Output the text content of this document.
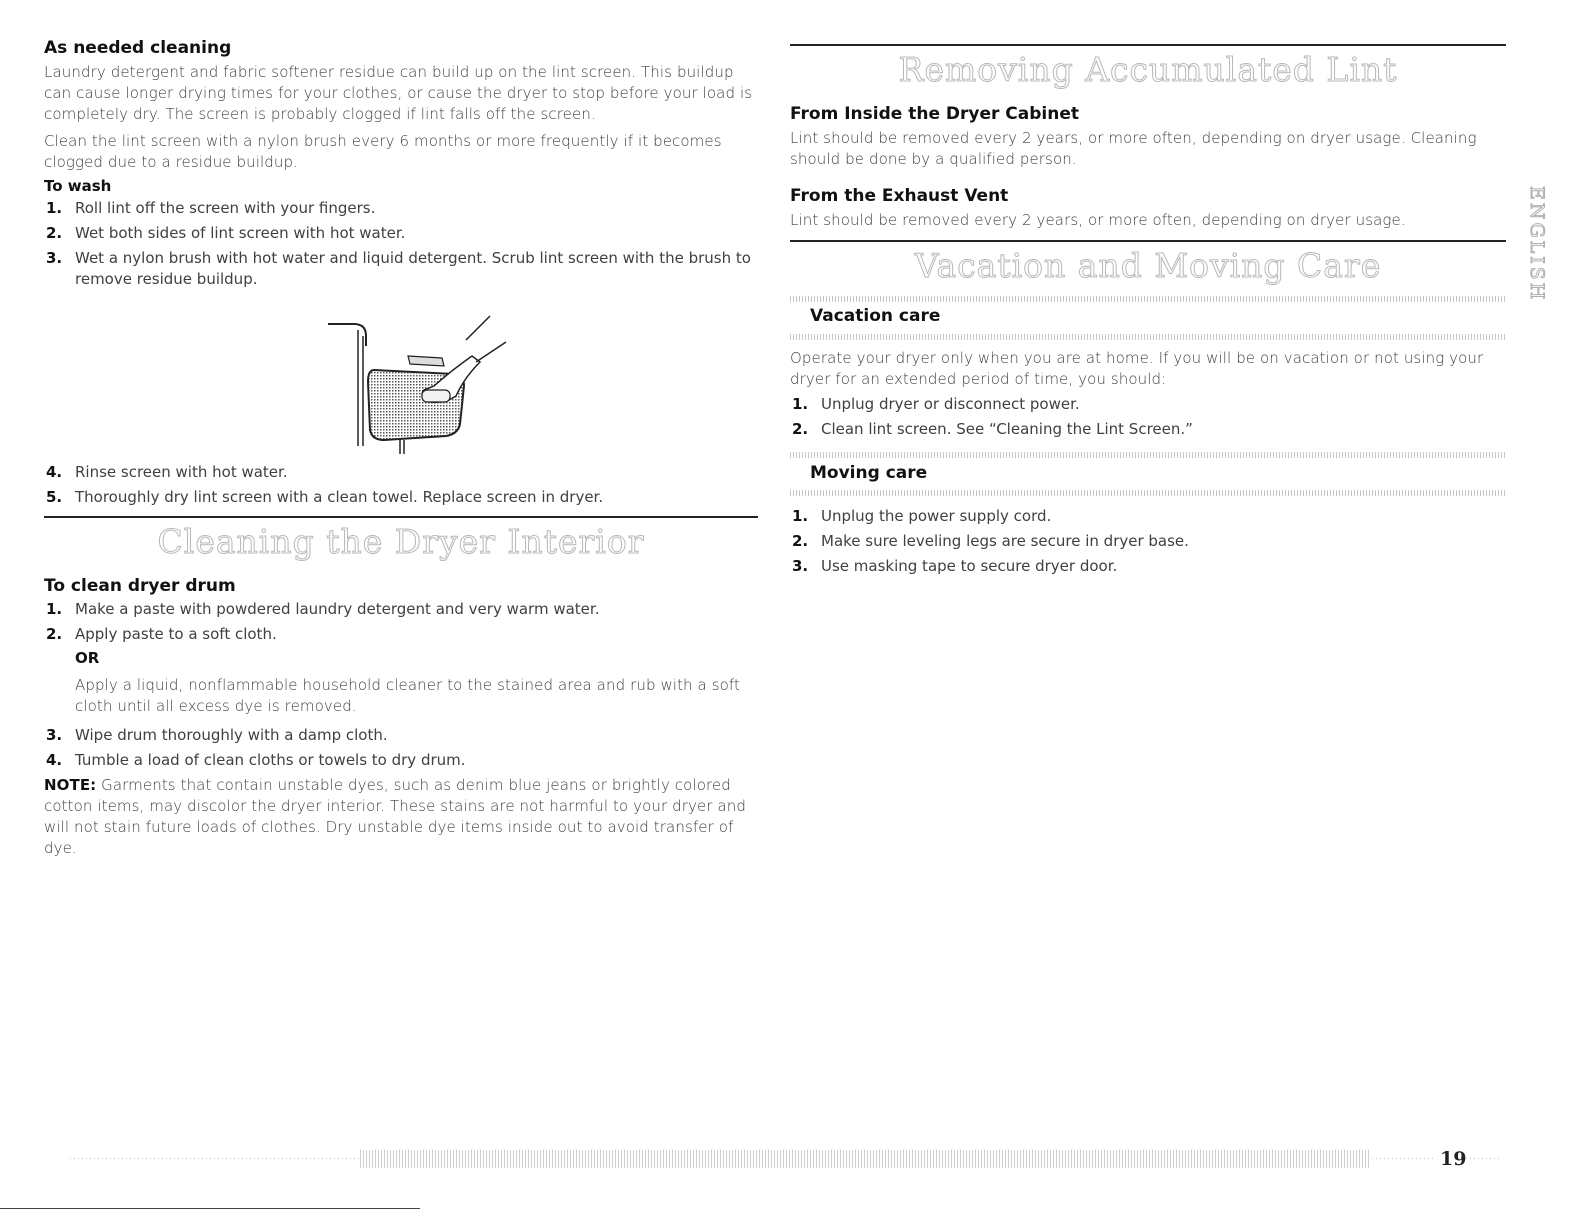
As needed cleaning

Laundry detergent and fabric softener residue can build up on the lint screen. This buildup can cause longer drying times for your clothes, or cause the dryer to stop before your load is completely dry. The screen is probably clogged if lint falls off the screen.

Clean the lint screen with a nylon brush every 6 months or more frequently if it becomes clogged due to a residue buildup.

To wash
1. Roll lint off the screen with your fingers.
2. Wet both sides of lint screen with hot water.
3. Wet a nylon brush with hot water and liquid detergent. Scrub lint screen with the brush to remove residue buildup.
4. Rinse screen with hot water.
5. Thoroughly dry lint screen with a clean towel. Replace screen in dryer.
Cleaning the Dryer Interior
To clean dryer drum
1. Make a paste with powdered laundry detergent and very warm water.
2. Apply paste to a soft cloth.
OR

Apply a liquid, nonflammable household cleaner to the stained area and rub with a soft cloth until all excess dye is removed.

3. Wipe drum thoroughly with a damp cloth.
4. Tumble a load of clean cloths or towels to dry drum.

NOTE: Garments that contain unstable dyes, such as denim blue jeans or brightly colored cotton items, may discolor the dryer interior. These stains are not harmful to your dryer and will not stain future loads of clothes. Dry unstable dye items inside out to avoid transfer of dye.

Removing Accumulated Lint
From Inside the Dryer Cabinet

Lint should be removed every 2 years, or more often, depending on dryer usage. Cleaning should be done by a qualified person.

From the Exhaust Vent

Lint should be removed every 2 years, or more often, depending on dryer usage.

Vacation and Moving Care
Vacation care

Operate your dryer only when you are at home. If you will be on vacation or not using your dryer for an extended period of time, you should:

1. Unplug dryer or disconnect power.
2. Clean lint screen. See “Cleaning the Lint Screen.”
Moving care
1. Unplug the power supply cord.
2. Make sure leveling legs are secure in dryer base.
3. Use masking tape to secure dryer door.
ENGLISH
19
